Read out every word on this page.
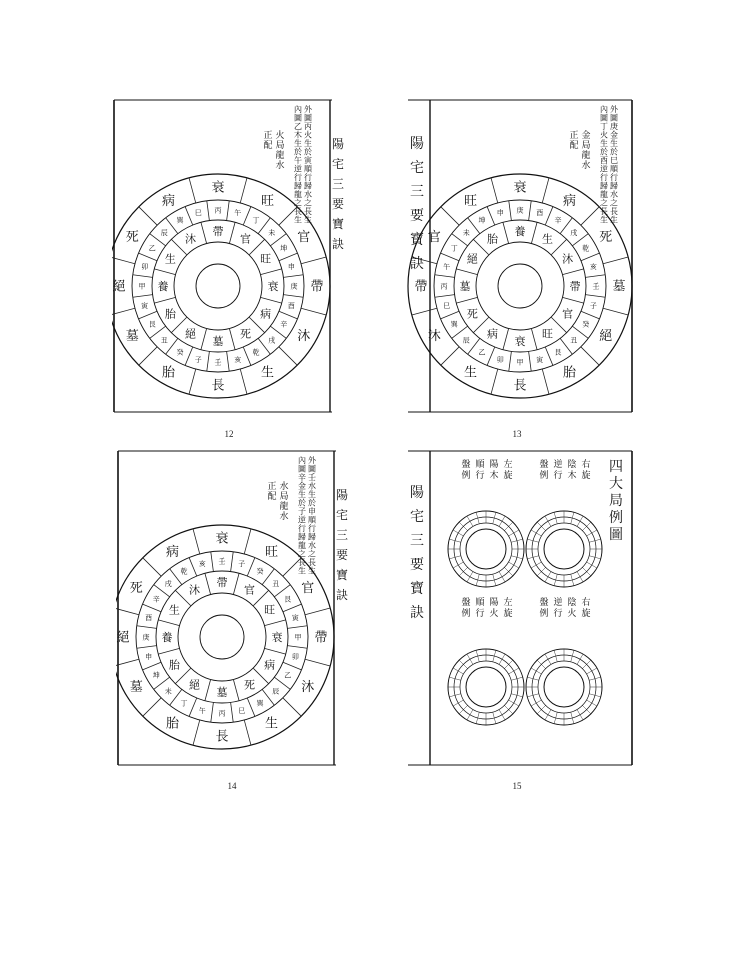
衰
旺
官
帶
沐
生
長
胎
墓
絕
死
病
丙 午
丁
未
坤
申
庚
酉
辛
戌
乾
亥
壬
子
癸
丑
艮
寅
甲
卯
乙
辰
巽
巳
官
帶
沐
生
養
胎
絕
墓
死
病
衰
旺
外
圖
丙
火
生
於
寅
順
行
歸
水
之
長
生
內
圖
乙
木
生
於
午
逆
行
歸
龍
之
長
生
火
局
龍
水
正
配	陽
宅
三
要
寶
訣
12
衰
病
死
墓
絕
胎
長
生
沐
帶
官
旺
庚 酉
辛
戌
乾
亥
壬
子
癸
丑
艮
寅
甲
卯
乙
辰
巽
巳
丙
午
丁
未
坤
申
生
養
胎
絕
墓
死
病
衰
旺
官
帶
沐
外
圖
庚
金
生
於
巳
順
行
歸
水
之
長
生
內
圖
丁
火
生
於
酉
逆
行
歸
龍
之
長
生
金
局
龍
水
正
配
陽
宅
三
要
寶
訣
13
衰
旺
官
帶
沐
生
長
胎
墓
絕
死
病
壬 子
癸
丑
艮
寅
甲
卯
乙
辰
巽
巳
丙
午
丁
未
坤
申
庚
酉
辛
戌
乾
亥
官
帶
沐
生
養
胎
絕
墓
死
病
衰
旺
外
圖
壬
水
生
於
申
順
行
歸
水
之
長
生
內
圖
辛
金
生
於
子
逆
行
歸
龍
之
長
生
水
局
龍
水
正
配	陽
宅
三
要
寶
訣
14
陽
宅
三
要
寶
訣
四
大
局
例
圖
右
旋
陰
木
逆
行
盤
例
左
旋
陽
木
順
行
盤
例
右
旋
陰
火
逆
行
盤
例
左
旋
陽
火
順
行
盤
例
15
